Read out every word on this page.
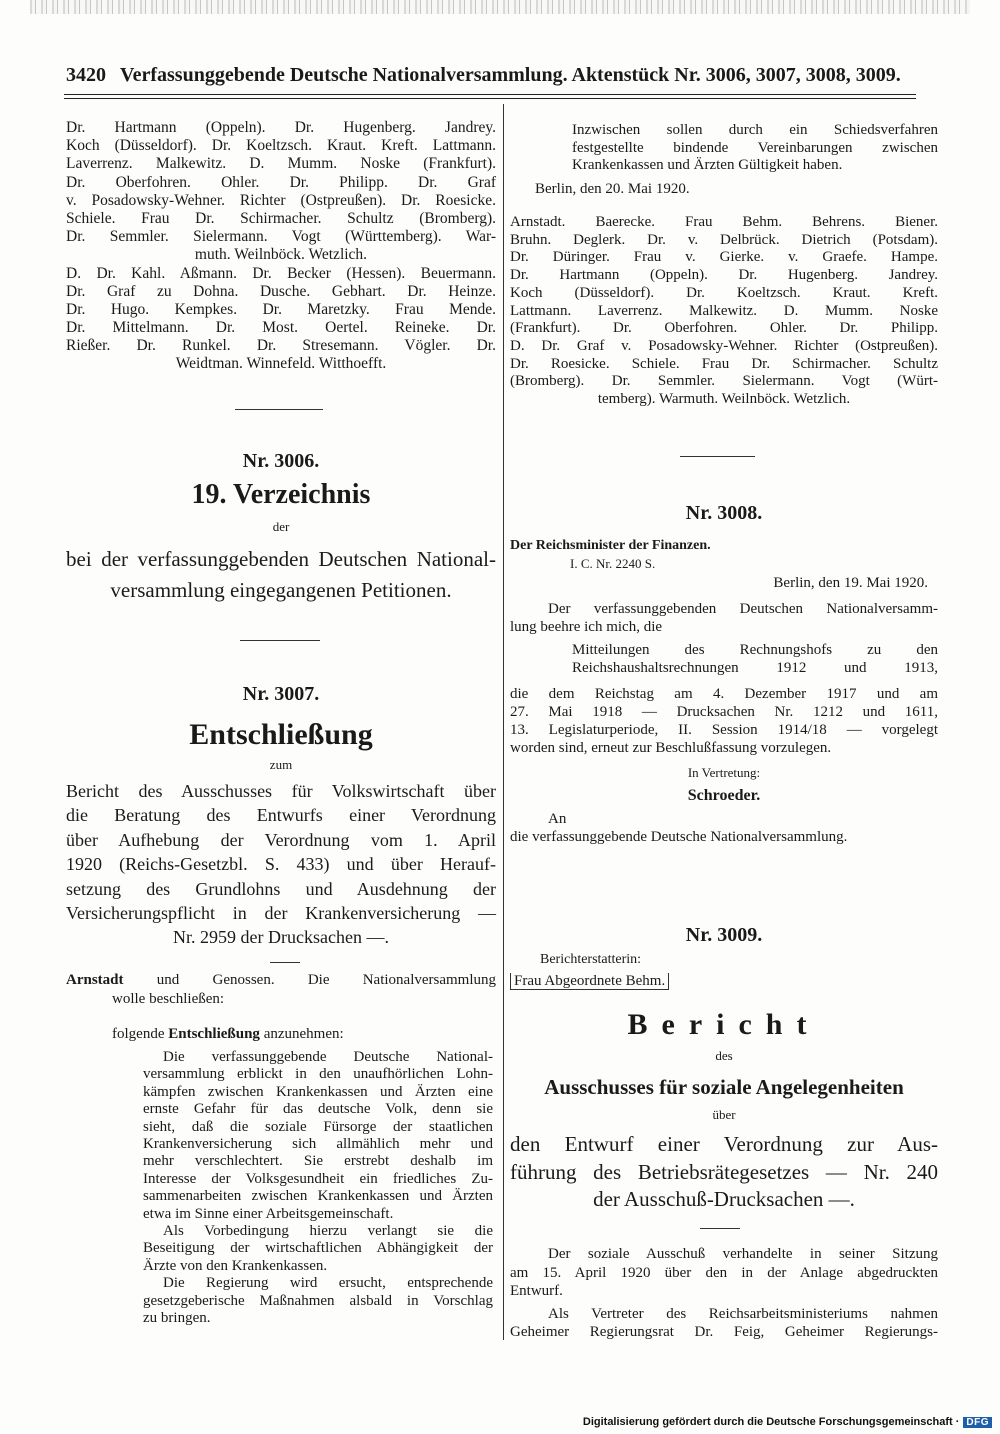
3420 Verfassunggebende Deutsche Nationalversammlung. Aktenstück Nr. 3006, 3007, 3008, 3009.
Arnstadt und Genossen. Die Nationalversammlung
folgende Entschließung anzunehmen:
Digitalisierung gefördert durch die Deutsche Forschungsgemeinschaft · DFG
Dr. Hartmann (Oppeln). Dr. Hugenberg. Jandrey.
Koch (Düsseldorf). Dr. Koeltzsch. Kraut. Kreft. Lattmann.
Laverrenz. Malkewitz. D. Mumm. Noske (Frankfurt).
Dr. Oberfohren. Ohler. Dr. Philipp. Dr. Graf
v. Posadowsky-Wehner. Richter (Ostpreußen). Dr. Roesicke.
Schiele. Frau Dr. Schirmacher. Schultz (Bromberg).
Dr. Semmler. Sielermann. Vogt (Württemberg). War-
muth. Weilnböck. Wetzlich.
D. Dr. Kahl. Aßmann. Dr. Becker (Hessen). Beuermann.
Dr. Graf zu Dohna. Dusche. Gebhart. Dr. Heinze.
Dr. Hugo. Kempkes. Dr. Maretzky. Frau Mende.
Dr. Mittelmann. Dr. Most. Oertel. Reineke. Dr.
Rießer. Dr. Runkel. Dr. Stresemann. Vögler. Dr.
Weidtman. Winnefeld. Witthoefft.
Nr. 3006.
19. Verzeichnis
der
bei der verfassunggebenden Deutschen National-
versammlung eingegangenen Petitionen.
Nr. 3007.
Entschließung
zum
Bericht des Ausschusses für Volkswirtschaft über
die Beratung des Entwurfs einer Verordnung
über Aufhebung der Verordnung vom 1. April
1920 (Reichs-Gesetzbl. S. 433) und über Herauf-
setzung des Grundlohns und Ausdehnung der
Versicherungspflicht in der Krankenversicherung —
Nr. 2959 der Drucksachen —.
wolle beschließen:
Die verfassunggebende Deutsche National-
versammlung erblickt in den unaufhörlichen Lohn-
kämpfen zwischen Krankenkassen und Ärzten eine
ernste Gefahr für das deutsche Volk, denn sie
sieht, daß die soziale Fürsorge der staatlichen
Krankenversicherung sich allmählich mehr und
mehr verschlechtert. Sie erstrebt deshalb im
Interesse der Volksgesundheit ein friedliches Zu-
sammenarbeiten zwischen Krankenkassen und Ärzten
etwa im Sinne einer Arbeitsgemeinschaft.
Als Vorbedingung hierzu verlangt sie die
Beseitigung der wirtschaftlichen Abhängigkeit der
Ärzte von den Krankenkassen.
Die Regierung wird ersucht, entsprechende
gesetzgeberische Maßnahmen alsbald in Vorschlag
zu bringen.
Inzwischen sollen durch ein Schiedsverfahren
festgestellte bindende Vereinbarungen zwischen
Krankenkassen und Ärzten Gültigkeit haben.
Berlin, den 20. Mai 1920.
Arnstadt. Baerecke. Frau Behm. Behrens. Biener.
Bruhn. Deglerk. Dr. v. Delbrück. Dietrich (Potsdam).
Dr. Düringer. Frau v. Gierke. v. Graefe. Hampe.
Dr. Hartmann (Oppeln). Dr. Hugenberg. Jandrey.
Koch (Düsseldorf). Dr. Koeltzsch. Kraut. Kreft.
Lattmann. Laverrenz. Malkewitz. D. Mumm. Noske
(Frankfurt). Dr. Oberfohren. Ohler. Dr. Philipp.
D. Dr. Graf v. Posadowsky-Wehner. Richter (Ostpreußen).
Dr. Roesicke. Schiele. Frau Dr. Schirmacher. Schultz
(Bromberg). Dr. Semmler. Sielermann. Vogt (Würt-
temberg). Warmuth. Weilnböck. Wetzlich.
Nr. 3008.
Der Reichsminister der Finanzen.
I. C. Nr. 2240 S.
Berlin, den 19. Mai 1920.
Der verfassunggebenden Deutschen Nationalversamm-
lung beehre ich mich, die
Mitteilungen des Rechnungshofs zu den
Reichshaushaltsrechnungen 1912 und 1913,
die dem Reichstag am 4. Dezember 1917 und am
27. Mai 1918 — Drucksachen Nr. 1212 und 1611,
13. Legislaturperiode, II. Session 1914/18 — vorgelegt
worden sind, erneut zur Beschlußfassung vorzulegen.
In Vertretung:
Schroeder.
An
die verfassunggebende Deutsche Nationalversammlung.
Nr. 3009.
Berichterstatterin:
Bericht
des
Ausschusses für soziale Angelegenheiten
über
den Entwurf einer Verordnung zur Aus-
führung des Betriebsrätegesetzes — Nr. 240
der Ausschuß-Drucksachen —.
Der soziale Ausschuß verhandelte in seiner Sitzung
am 15. April 1920 über den in der Anlage abgedruckten
Entwurf.
Als Vertreter des Reichsarbeitsministeriums nahmen
Geheimer Regierungsrat Dr. Feig, Geheimer Regierungs-
Frau Abgeordnete Behm.
